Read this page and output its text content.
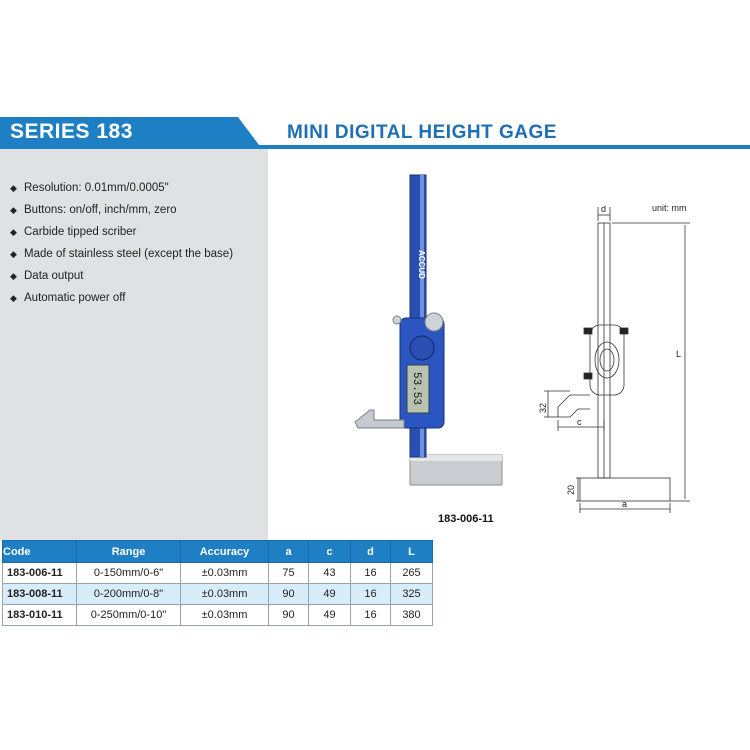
SERIES 183	MINI DIGITAL HEIGHT GAGE
◆ Resolution: 0.01mm/0.0005"
◆ Buttons: on/off, inch/mm, zero
◆ Carbide tipped scriber
◆ Made of stainless steel (except the base)
◆ Data output
◆ Automatic power off
ACCUD
53.53
unit: mm
d
L
32
c
20
a
183-006-11
Code	Range	Accuracy	a	c	d	L
183-006-11	0-150mm/0-6"	±0.03mm	75	43	16	265
183-008-11	0-200mm/0-8"	±0.03mm	90	49	16	325
183-010-11	0-250mm/0-10"	±0.03mm	90	49	16	380
